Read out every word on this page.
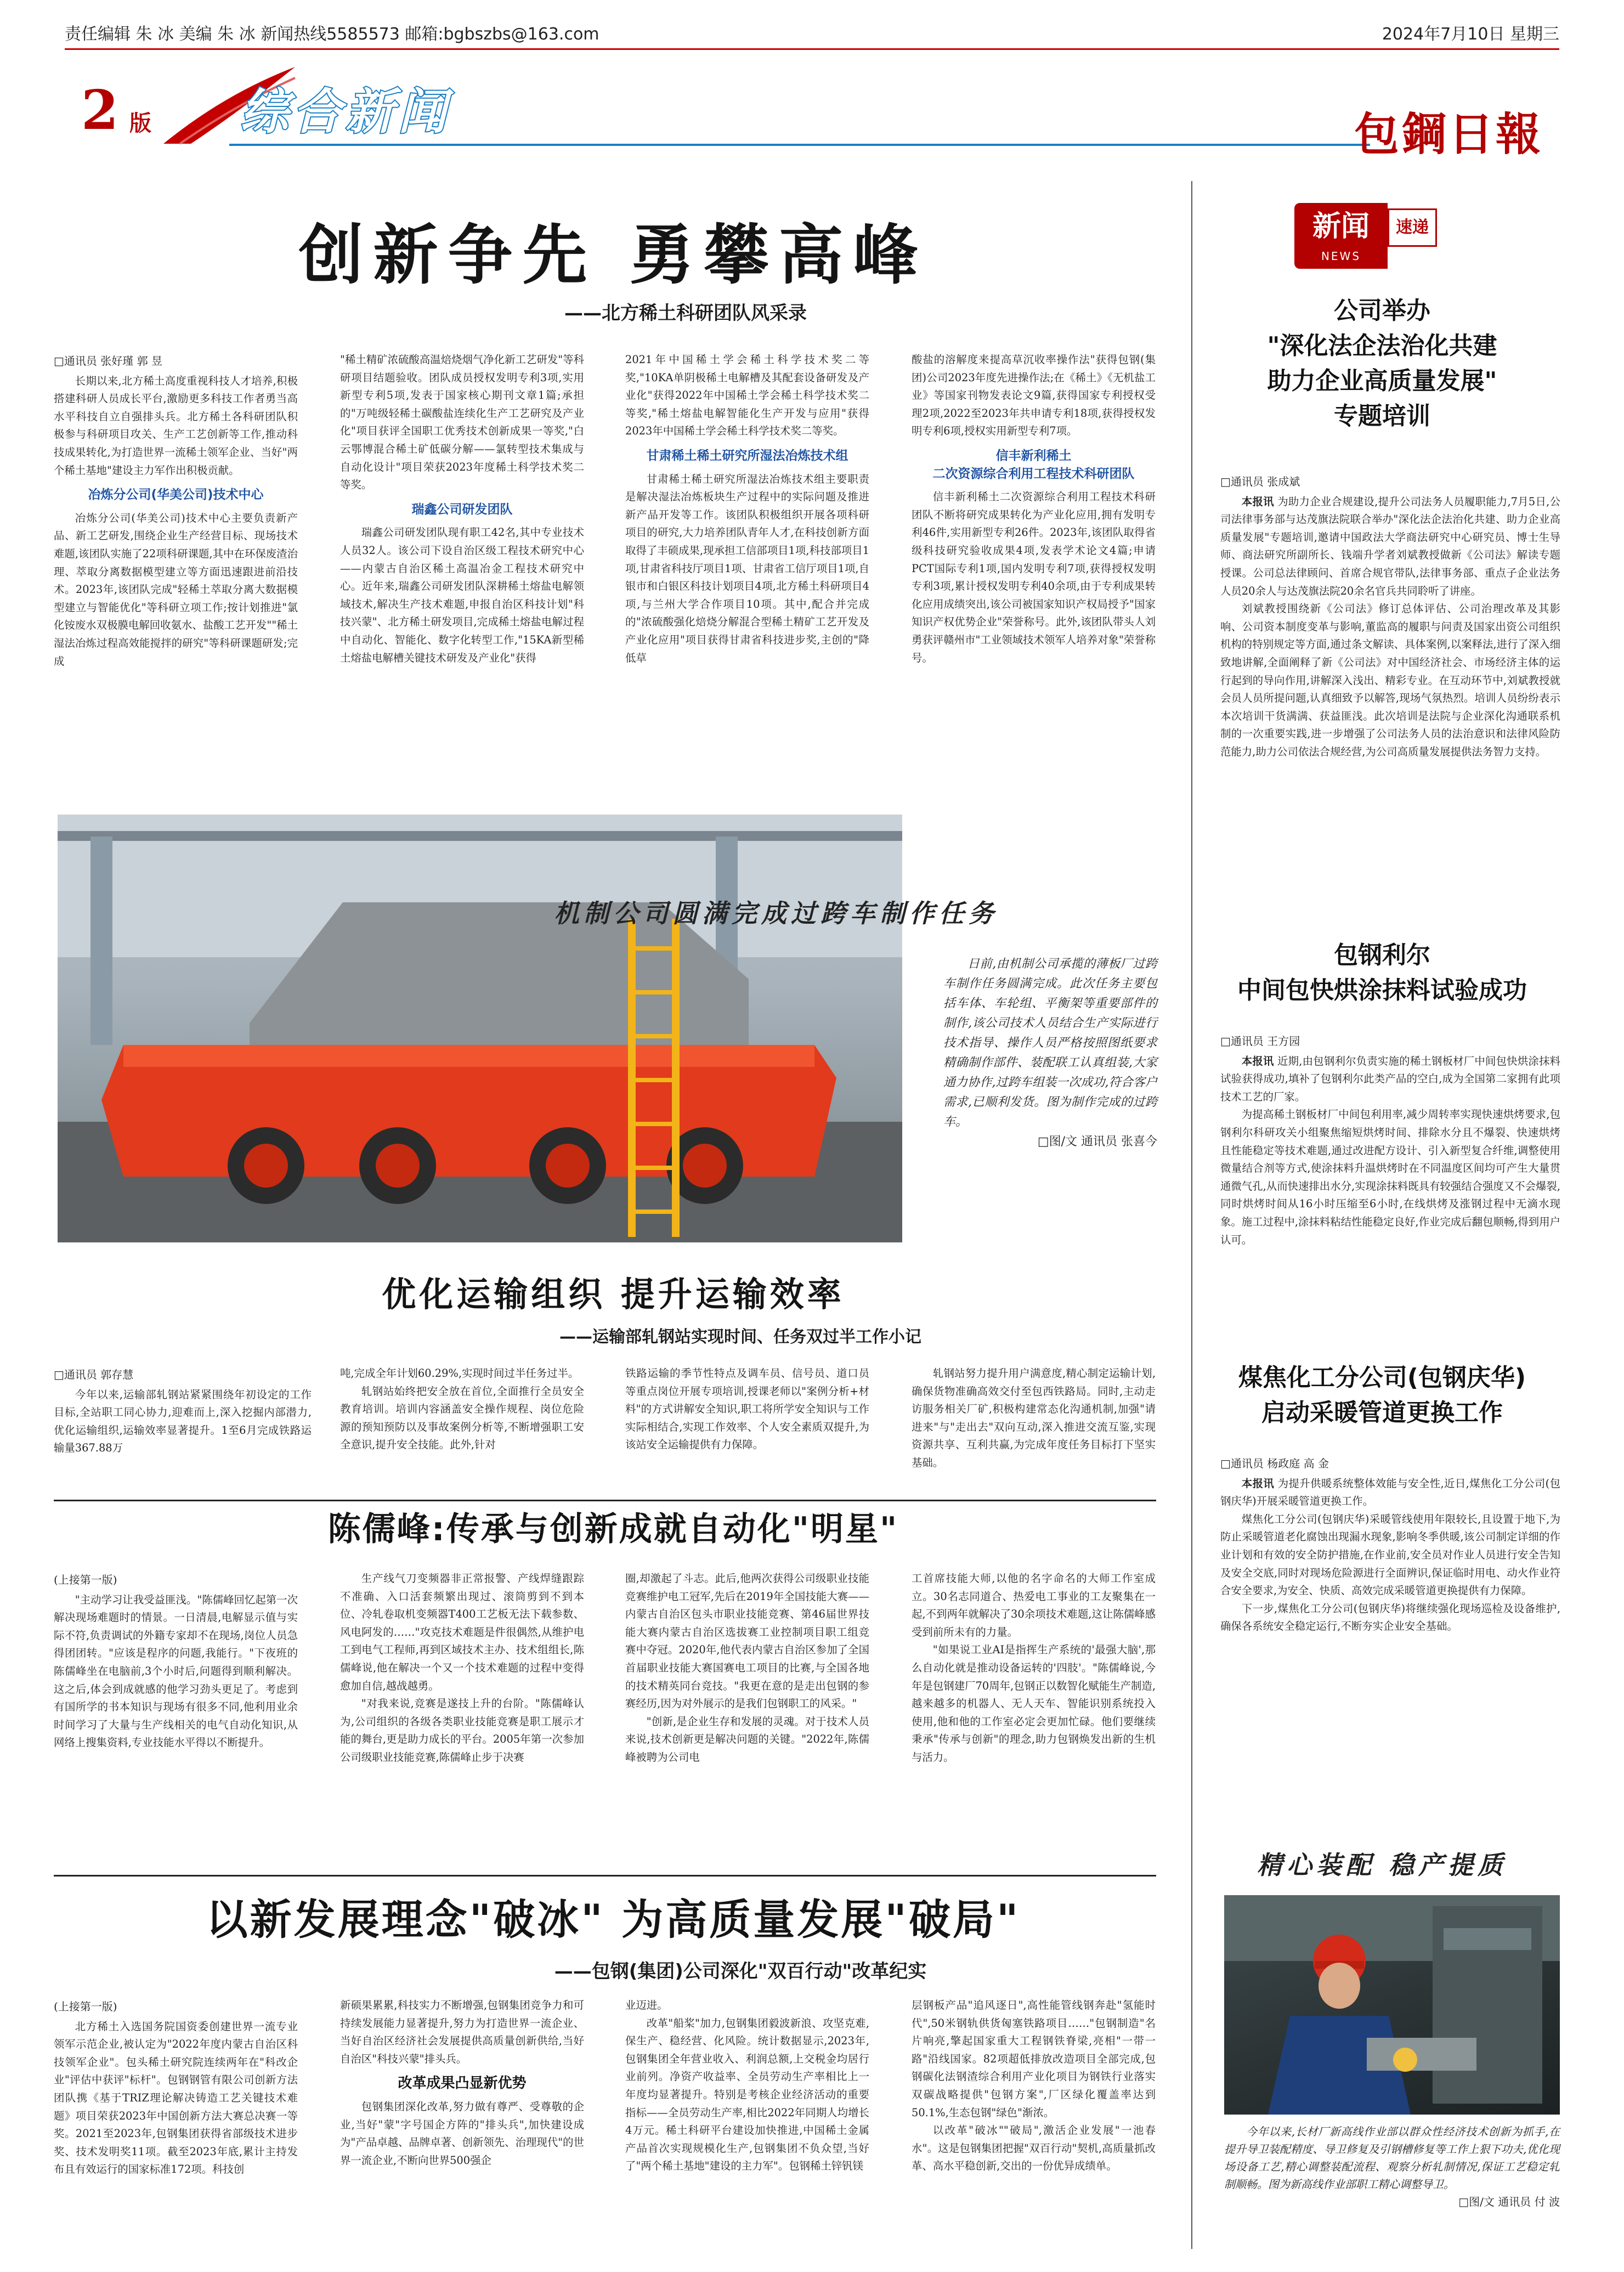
责任编辑 朱 冰 美编 朱 冰 新闻热线5585573 邮箱:bgbszbs@163.com	2024年7月10日 星期三
2 版 综合新闻	包鋼日報
创新争先 勇攀高峰
——北方稀土科研团队风采录
□通讯员 张好瑾 郭 昱

长期以来,北方稀土高度重视科技人才培养,积极搭建科研人员成长平台,激励更多科技工作者勇当高水平科技自立自强排头兵。北方稀土各科研团队积极参与科研项目攻关、生产工艺创新等工作,推动科技成果转化,为打造世界一流稀土领军企业、当好"两个稀土基地"建设主力军作出积极贡献。

冶炼分公司(华美公司)技术中心

冶炼分公司(华美公司)技术中心主要负责新产品、新工艺研发,围绕企业生产经营目标、现场技术难题,该团队实施了22项科研课题,其中在环保废渣治理、萃取分离数据模型建立等方面迅速跟进前沿技术。2023年,该团队完成"轻稀土萃取分离大数据模型建立与智能优化"等科研立项工作;按计划推进"氯化铵废水双极膜电解回收氨水、盐酸工艺开发""稀土湿法冶炼过程高效能搅拌的研究"等科研课题研发;完成

"稀土精矿浓硫酸高温焙烧烟气净化新工艺研发"等科研项目结题验收。团队成员授权发明专利3项,实用新型专利5项,发表于国家核心期刊文章1篇;承担的"万吨级轻稀土碳酸盐连续化生产工艺研究及产业化"项目获评全国职工优秀技术创新成果一等奖,"白云鄂博混合稀土矿低碳分解——氯转型技术集成与自动化设计"项目荣获2023年度稀土科学技术奖二等奖。

瑞鑫公司研发团队

瑞鑫公司研发团队现有职工42名,其中专业技术人员32人。该公司下设自治区级工程技术研究中心——内蒙古自治区稀土高温冶金工程技术研究中心。近年来,瑞鑫公司研发团队深耕稀土熔盐电解领域技术,解决生产技术难题,申报自治区科技计划"科技兴蒙"、北方稀土研发项目,完成稀土熔盐电解过程中自动化、智能化、数字化转型工作,"15KA新型稀土熔盐电解槽关键技术研发及产业化"获得

2021年中国稀土学会稀土科学技术奖二等奖,"10KA单阴极稀土电解槽及其配套设备研发及产业化"获得2022年中国稀土学会稀土科学技术奖二等奖,"稀土熔盐电解智能化生产开发与应用"获得2023年中国稀土学会稀土科学技术奖二等奖。

甘肃稀土稀土研究所湿法冶炼技术组

甘肃稀土稀土研究所湿法冶炼技术组主要职责是解决湿法冶炼板块生产过程中的实际问题及推进新产品开发等工作。该团队积极组织开展各项科研项目的研究,大力培养团队青年人才,在科技创新方面取得了丰硕成果,现承担工信部项目1项,科技部项目1项,甘肃省科技厅项目1项、甘肃省工信厅项目1项,自银市和白银区科技计划项目4项,北方稀土科研项目4项,与兰州大学合作项目10项。其中,配合并完成的"浓硫酸强化焙烧分解混合型稀土精矿工艺开发及产业化应用"项目获得甘肃省科技进步奖,主创的"降低草

酸盐的溶解度来提高草沉收率操作法"获得包钢(集团)公司2023年度先进操作法;在《稀土》《无机盐工业》等国家刊物发表论文9篇,获得国家专利授权受理2项,2022至2023年共申请专利18项,获得授权发明专利6项,授权实用新型专利7项。

信丰新利稀土
二次资源综合利用工程技术科研团队

信丰新利稀土二次资源综合利用工程技术科研团队不断将研究成果转化为产业化应用,拥有发明专利46件,实用新型专利26件。2023年,该团队取得省级科技研究验收成果4项,发表学术论文4篇;申请PCT国际专利1项,国内发明专利7项,获得授权发明专利3项,累计授权发明专利40余项,由于专利成果转化应用成绩突出,该公司被国家知识产权局授予"国家知识产权优势企业"荣誉称号。此外,该团队带头人刘勇获评赣州市"工业领域技术领军人培养对象"荣誉称号。

机制公司圆满完成过跨车制作任务
日前,由机制公司承揽的薄板厂过跨车制作任务圆满完成。此次任务主要包括车体、车轮组、平衡架等重要部件的制作,该公司技术人员结合生产实际进行技术指导、操作人员严格按照图纸要求精确制作部件、装配联工认真组装,大家通力协作,过跨车组装一次成功,符合客户需求,已顺利发货。图为制作完成的过跨车。
□图/文 通讯员 张喜今
优化运输组织 提升运输效率
——运输部轧钢站实现时间、任务双过半工作小记
□通讯员 郭存慧

今年以来,运输部轧钢站紧紧围绕年初设定的工作目标,全站职工同心协力,迎难而上,深入挖掘内部潜力,优化运输组织,运输效率显著提升。1至6月完成铁路运输量367.88万

吨,完成全年计划60.29%,实现时间过半任务过半。

轧钢站始终把安全放在首位,全面推行全员安全教育培训。培训内容涵盖安全操作规程、岗位危险源的预知预防以及事故案例分析等,不断增强职工安全意识,提升安全技能。此外,针对

铁路运输的季节性特点及调车员、信号员、道口员等重点岗位开展专项培训,授课老师以"案例分析+材料"的方式讲解安全知识,职工将所学安全知识与工作实际相结合,实现工作效率、个人安全素质双提升,为该站安全运输提供有力保障。

轧钢站努力提升用户满意度,精心制定运输计划,确保货物准确高效交付至包西铁路局。同时,主动走访服务相关厂矿,积极构建常态化沟通机制,加强"请进来"与"走出去"双向互动,深入推进交流互鉴,实现资源共享、互利共赢,为完成年度任务目标打下坚实基础。

陈儒峰:传承与创新成就自动化"明星"
(上接第一版)

"主动学习让我受益匪浅。"陈儒峰回忆起第一次解决现场难题时的情景。一日清晨,电解显示值与实际不符,负责调试的外籍专家却不在现场,岗位人员急得团团转。"应该是程序的问题,我能行。"下夜班的陈儒峰坐在电脑前,3个小时后,问题得到顺利解决。这之后,体会到成就感的他学习劲头更足了。考虑到有国所学的书本知识与现场有很多不同,他利用业余时间学习了大量与生产线相关的电气自动化知识,从网络上搜集资料,专业技能水平得以不断提升。

生产线气刀变频器非正常报警、产线焊缝跟踪不准确、入口活套频繁出现过、滚筒剪到不到本位、冷轧卷取机变频器T400工艺板无法下载参数、风电阿发的……"攻克技术难题是件很偶然,从维护电工到电气工程师,再到区域技术主办、技术组组长,陈儒峰说,他在解决一个又一个技术难题的过程中变得愈加自信,越战越勇。

"对我来说,竞赛是遂技上升的台阶。"陈儒峰认为,公司组织的各级各类职业技能竞赛是职工展示才能的舞台,更是助力成长的平台。2005年第一次参加公司级职业技能竞赛,陈儒峰止步于决赛

圈,却激起了斗志。此后,他两次获得公司级职业技能竞赛维护电工冠军,先后在2019年全国技能大赛——内蒙古自治区包头市职业技能竞赛、第46届世界技能大赛内蒙古自治区选拔赛工业控制项目职工组竞赛中夺冠。2020年,他代表内蒙古自治区参加了全国首届职业技能大赛国赛电工项目的比赛,与全国各地的技术精英同台竞技。"我更在意的是走出包钢的参赛经历,因为对外展示的是我们包钢职工的风采。"

"创新,是企业生存和发展的灵魂。对于技术人员来说,技术创新更是解决问题的关键。"2022年,陈儒峰被聘为公司电

工首席技能大师,以他的名字命名的大师工作室成立。30名志同道合、热爱电工事业的工友聚集在一起,不到两年就解决了30余项技术难题,这让陈儒峰感受到前所未有的力量。

"如果说工业AI是指挥生产系统的'最强大脑',那么自动化就是推动设备运转的'四肢'。"陈儒峰说,今年是包钢建厂70周年,包钢正以数智化赋能生产制造,越来越多的机器人、无人天车、智能识别系统投入使用,他和他的工作室必定会更加忙碌。他们要继续秉承"传承与创新"的理念,助力包钢焕发出新的生机与活力。

以新发展理念"破冰" 为高质量发展"破局"
——包钢(集团)公司深化"双百行动"改革纪实
(上接第一版)

北方稀土入选国务院国资委创建世界一流专业领军示范企业,被认定为"2022年度内蒙古自治区科技领军企业"。包头稀土研究院连续两年在"科改企业"评估中获评"标杆"。包钢钢管有限公司创新方法团队携《基于TRIZ理论解决铸造工艺关键技术难题》项目荣获2023年中国创新方法大赛总决赛一等奖。2021至2023年,包钢集团获得省部级技术进步奖、技术发明奖11项。截至2023年底,累计主持发布且有效运行的国家标准172项。科技创

新硕果累累,科技实力不断增强,包钢集团竞争力和可持续发展能力显著提升,努力为打造世界一流企业、当好自治区经济社会发展提供高质量创新供给,当好自治区"科技兴蒙"排头兵。

改革成果凸显新优势

包钢集团深化改革,努力做有尊严、受尊敬的企业,当好"蒙"字号国企方阵的"排头兵",加快建设成为"产品卓越、品牌卓著、创新领先、治理现代"的世界一流企业,不断向世界500强企

业迈进。

改革"船桨"加力,包钢集团毅波新浪、攻坚克难,保生产、稳经营、化风险。统计数据显示,2023年,包钢集团全年营业收入、利润总额,上交税金均居行业前列。净资产收益率、全员劳动生产率相比上一年度均显著提升。特别是考核企业经济活动的重要指标——全员劳动生产率,相比2022年同期人均增长4万元。稀土科研平台建设加快推进,中国稀土金属产品首次实现规模化生产,包钢集团不负众望,当好了"两个稀土基地"建设的主力军"。包钢稀土锌钒镁

层钢板产品"追风逐日",高性能管线钢奔赴"氢能时代",50米钢轨供货匈塞铁路项目……"包钢制造"名片响亮,擎起国家重大工程钢铁脊梁,亮相"一带一路"沿线国家。82项超低排放改造项目全部完成,包钢碳化法钢渣综合利用产业化项目为钢铁行业落实双碳战略提供"包钢方案",厂区绿化覆盖率达到50.1%,生态包钢"绿色"渐浓。

以改革"破冰""破局",激活企业发展"一池春水"。这是包钢集团把握"双百行动"契机,高质量抓改革、高水平稳创新,交出的一份优异成绩单。

新闻
NEWS
速递
公司举办
"深化法企法治化共建
助力企业高质量发展"
专题培训
□通讯员 张成斌

本报讯 为助力企业合规建设,提升公司法务人员履职能力,7月5日,公司法律事务部与达茂旗法院联合举办"深化法企法治化共建、助力企业高质量发展"专题培训,邀请中国政法大学商法研究中心研究员、博士生导师、商法研究所副所长、钱端升学者刘斌教授做新《公司法》解读专题授课。公司总法律顾问、首席合规官带队,法律事务部、重点子企业法务人员20余人与达茂旗法院20余名官兵共同聆听了讲座。

刘斌教授围绕新《公司法》修订总体评估、公司治理改革及其影响、公司资本制度变革与影响,董监高的履职与问责及国家出资公司组织机构的特别规定等方面,通过条文解读、具体案例,以案释法,进行了深入细致地讲解,全面阐释了新《公司法》对中国经济社会、市场经济主体的运行起到的导向作用,讲解深入浅出、精彩专业。在互动环节中,刘斌教授就会员人员所提问题,认真细致予以解答,现场气氛热烈。培训人员纷纷表示本次培训干货满满、获益匪浅。此次培训是法院与企业深化沟通联系机制的一次重要实践,进一步增强了公司法务人员的法治意识和法律风险防范能力,助力公司依法合规经营,为公司高质量发展提供法务智力支持。

包钢利尔
中间包快烘涂抹料试验成功
□通讯员 王方园

本报讯 近期,由包钢利尔负责实施的稀土钢板材厂中间包快烘涂抹料试验获得成功,填补了包钢利尔此类产品的空白,成为全国第二家拥有此项技术工艺的厂家。

为提高稀土钢板材厂中间包利用率,减少周转率实现快速烘烤要求,包钢利尔科研攻关小组聚焦缩短烘烤时间、排除水分且不爆裂、快速烘烤且性能稳定等技术难题,通过改进配方设计、引入新型复合纤维,调整使用微量结合剂等方式,使涂抹料升温烘烤时在不同温度区间均可产生大量贯通微气孔,从而快速排出水分,实现涂抹料既具有较强结合强度又不会爆裂,同时烘烤时间从16小时压缩至6小时,在线烘烤及涨钢过程中无滴水现象。施工过程中,涂抹料粘结性能稳定良好,作业完成后翻包顺畅,得到用户认可。

煤焦化工分公司(包钢庆华)
启动采暖管道更换工作
□通讯员 杨政庭 高 金

本报讯 为提升供暖系统整体效能与安全性,近日,煤焦化工分公司(包钢庆华)开展采暖管道更换工作。

煤焦化工分公司(包钢庆华)采暖管线使用年限较长,且设置于地下,为防止采暖管道老化腐蚀出现漏水现象,影响冬季供暖,该公司制定详细的作业计划和有效的安全防护措施,在作业前,安全员对作业人员进行安全告知及安全交底,同时对现场危险源进行全面辨识,保证临时用电、动火作业符合安全要求,为安全、快质、高效完成采暖管道更换提供有力保障。

下一步,煤焦化工分公司(包钢庆华)将继续强化现场巡检及设备维护,确保各系统安全稳定运行,不断夯实企业安全基础。

精心装配 稳产提质
今年以来,长材厂新高线作业部以群众性经济技术创新为抓手,在提升导卫装配精度、导卫修复及引钢槽修复等工作上狠下功夫,优化现场设备工艺,精心调整装配流程、观察分析轧制情况,保证工艺稳定轧制顺畅。图为新高线作业部职工精心调整导卫。
□图/文 通讯员 付 波
